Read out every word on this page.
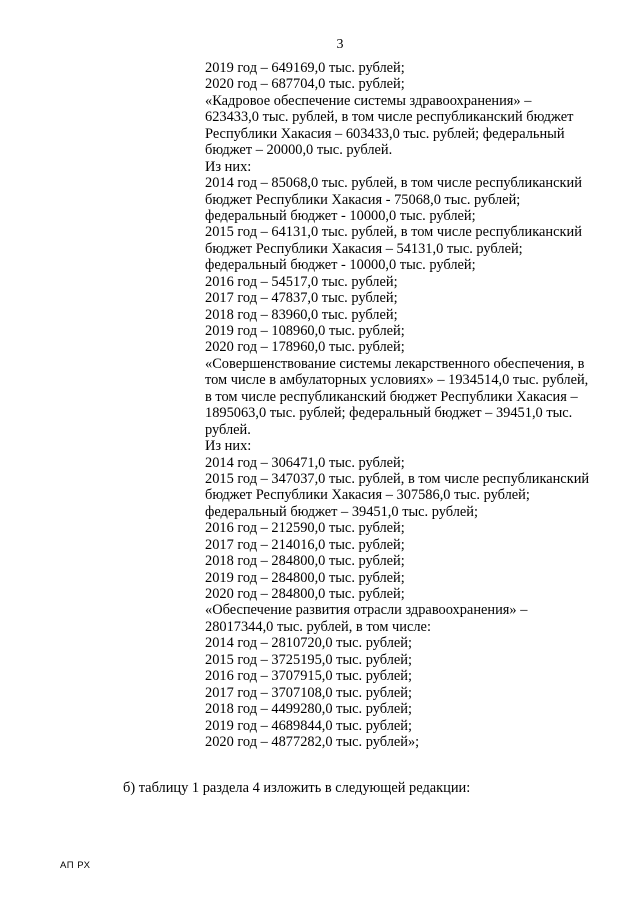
3
2019 год – 649169,0 тыс. рублей;
2020 год – 687704,0 тыс. рублей;
«Кадровое обеспечение системы здравоохранения» –
623433,0 тыс. рублей, в том числе республиканский бюджет
Республики Хакасия – 603433,0 тыс. рублей; федеральный
бюджет – 20000,0 тыс. рублей.
Из них:
2014 год – 85068,0 тыс. рублей, в том числе республиканский
бюджет Республики Хакасия - 75068,0 тыс. рублей;
федеральный бюджет - 10000,0 тыс. рублей;
2015 год – 64131,0 тыс. рублей, в том числе республиканский
бюджет Республики Хакасия – 54131,0 тыс. рублей;
федеральный бюджет - 10000,0 тыс. рублей;
2016 год – 54517,0 тыс. рублей;
2017 год – 47837,0 тыс. рублей;
2018 год – 83960,0 тыс. рублей;
2019 год – 108960,0 тыс. рублей;
2020 год – 178960,0 тыс. рублей;
«Совершенствование системы лекарственного обеспечения, в
том числе в амбулаторных условиях» – 1934514,0 тыс. рублей,
в том числе республиканский бюджет Республики Хакасия –
1895063,0 тыс. рублей; федеральный бюджет – 39451,0 тыс.
рублей.
Из них:
2014 год – 306471,0 тыс. рублей;
2015 год – 347037,0 тыс. рублей, в том числе республиканский
бюджет Республики Хакасия – 307586,0 тыс. рублей;
федеральный бюджет – 39451,0 тыс. рублей;
2016 год – 212590,0 тыс. рублей;
2017 год – 214016,0 тыс. рублей;
2018 год – 284800,0 тыс. рублей;
2019 год – 284800,0 тыс. рублей;
2020 год – 284800,0 тыс. рублей;
«Обеспечение развития отрасли здравоохранения» –
28017344,0 тыс. рублей, в том числе:
2014 год – 2810720,0 тыс. рублей;
2015 год – 3725195,0 тыс. рублей;
2016 год – 3707915,0 тыс. рублей;
2017 год – 3707108,0 тыс. рублей;
2018 год – 4499280,0 тыс. рублей;
2019 год – 4689844,0 тыс. рублей;
2020 год – 4877282,0 тыс. рублей»;
б) таблицу 1 раздела 4 изложить в следующей редакции:
АП РХ
